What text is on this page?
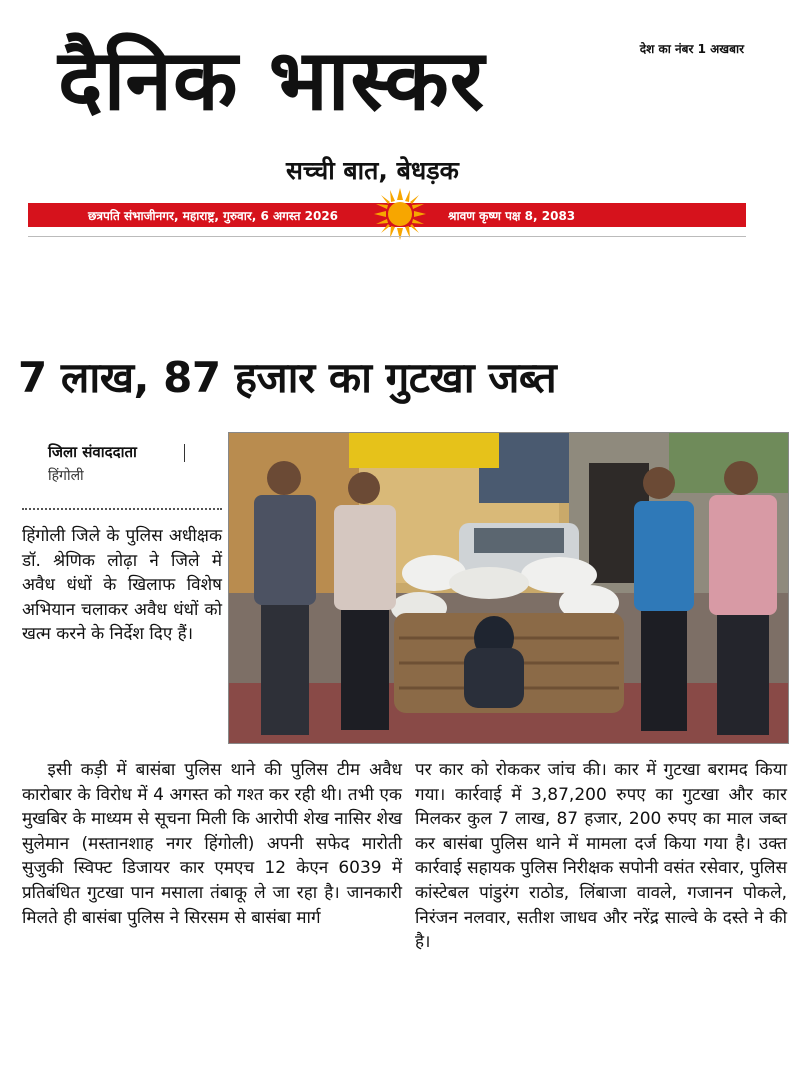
देश का नंबर 1 अखबार
दैनिक भास्कर
सच्ची बात, बेधड़क
छत्रपति संभाजीनगर, महाराष्ट्र, गुरुवार, 6 अगस्त 2026	श्रावण कृष्ण पक्ष 8, 2083
7 लाख, 87 हजार का गुटखा जब्त
जिला संवाददाता
हिंगोली

हिंगोली जिले के पुलिस अधीक्षक डॉ. श्रेणिक लोढ़ा ने जिले में अवैध धंधों के खिलाफ विशेष अभियान चलाकर अवैध धंधों को खत्म करने के निर्देश दिए हैं।

इसी कड़ी में बासंबा पुलिस थाने की पुलिस टीम अवैध कारोबार के विरोध में 4 अगस्त को गश्त कर रही थी। तभी एक मुखबिर के माध्यम से सूचना मिली कि आरोपी शेख नासिर शेख सुलेमान (मस्तानशाह नगर हिंगोली) अपनी सफेद मारोती सुजुकी स्विफ्ट डिजायर कार एमएच 12 केएन 6039 में प्रतिबंधित गुटखा पान मसाला तंबाकू ले जा रहा है। जानकारी मिलते ही बासंबा पुलिस ने सिरसम से बासंबा मार्ग

पर कार को रोककर जांच की। कार में गुटखा बरामद किया गया। कार्रवाई में 3,87,200 रुपए का गुटखा और कार मिलकर कुल 7 लाख, 87 हजार, 200 रुपए का माल जब्त कर बासंबा पुलिस थाने में मामला दर्ज किया गया है। उक्त कार्रवाई सहायक पुलिस निरीक्षक सपोनी वसंत रसेवार, पुलिस कांस्टेबल पांडुरंग राठोड, लिंबाजा वावले, गजानन पोकले, निरंजन नलवार, सतीश जाधव और नरेंद्र साल्वे के दस्ते ने की है।
